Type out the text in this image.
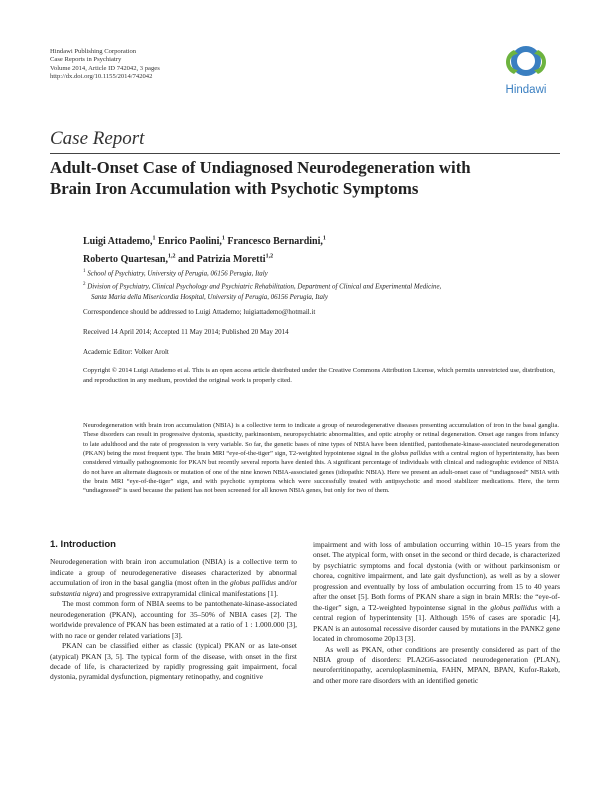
Hindawi Publishing Corporation
Case Reports in Psychiatry
Volume 2014, Article ID 742042, 3 pages
http://dx.doi.org/10.1155/2014/742042
Hindawi
Case Report
Adult-Onset Case of Undiagnosed Neurodegeneration with
Brain Iron Accumulation with Psychotic Symptoms
Luigi Attademo,$^1$ Enrico Paolini,$^1$ Francesco Bernardini,$^1$
Roberto Quartesan,$^{1,2}$ and Patrizia Moretti$^{1,2}$
$^1$ School of Psychiatry, University of Perugia, 06156 Perugia, Italy
$^2$ Division of Psychiatry, Clinical Psychology and Psychiatric Rehabilitation, Department of Clinical and Experimental Medicine,
Santa Maria della Misericordia Hospital, University of Perugia, 06156 Perugia, Italy
Correspondence should be addressed to Luigi Attademo; luigiattademo@hotmail.it
Received 14 April 2014; Accepted 11 May 2014; Published 20 May 2014
Academic Editor: Volker Arolt
Copyright © 2014 Luigi Attademo et al. This is an open access article distributed under the Creative Commons Attribution License, which permits unrestricted use, distribution, and reproduction in any medium, provided the original work is properly cited.
Neurodegeneration with brain iron accumulation (NBIA) is a collective term to indicate a group of neurodegenerative diseases presenting accumulation of iron in the basal ganglia. These disorders can result in progressive dystonia, spasticity, parkinsonism, neuropsychiatric abnormalities, and optic atrophy or retinal degeneration. Onset age ranges from infancy to late adulthood and the rate of progression is very variable. So far, the genetic bases of nine types of NBIA have been identified, pantothenate-kinase-associated neurodegeneration (PKAN) being the most frequent type. The brain MRI “eye-of-the-tiger” sign, T2-weighted hypointense signal in the globus pallidus with a central region of hyperintensity, has been considered virtually pathognomonic for PKAN but recently several reports have denied this. A significant percentage of individuals with clinical and radiographic evidence of NBIA do not have an alternate diagnosis or mutation of one of the nine known NBIA-associated genes (idiopathic NBIA). Here we present an adult-onset case of “undiagnosed” NBIA with the brain MRI “eye-of-the-tiger” sign, and with psychotic symptoms which were successfully treated with antipsychotic and mood stabilizer medications. Here, the term “undiagnosed” is used because the patient has not been screened for all known NBIA genes, but only for two of them.
1. Introduction

Neurodegeneration with brain iron accumulation (NBIA) is a collective term to indicate a group of neurodegenerative diseases characterized by abnormal accumulation of iron in the basal ganglia (most often in the globus pallidus and/or substantia nigra) and progressive extrapyramidal clinical manifestations [1].

The most common form of NBIA seems to be pantothenate-kinase-associated neurodegeneration (PKAN), accounting for 35–50% of NBIA cases [2]. The worldwide prevalence of PKAN has been estimated at a ratio of 1 : 1.000.000 [3], with no race or gender related variations [3].

PKAN can be classified either as classic (typical) PKAN or as late-onset (atypical) PKAN [3, 5]. The typical form of the disease, with onset in the first decade of life, is characterized by rapidly progressing gait impairment, focal dystonia, pyramidal dysfunction, pigmentary retinopathy, and cognitive

impairment and with loss of ambulation occurring within 10–15 years from the onset. The atypical form, with onset in the second or third decade, is characterized by psychiatric symptoms and focal dystonia (with or without parkinsonism or chorea, cognitive impairment, and late gait dysfunction), as well as by a slower progression and eventually by loss of ambulation occurring from 15 to 40 years after the onset [5]. Both forms of PKAN share a sign in brain MRIs: the “eye-of-the-tiger” sign, a T2-weighted hypointense signal in the globus pallidus with a central region of hyperintensity [1]. Although 15% of cases are sporadic [4], PKAN is an autosomal recessive disorder caused by mutations in the PANK2 gene located in chromosome 20p13 [3].

As well as PKAN, other conditions are presently considered as part of the NBIA group of disorders: PLA2G6-associated neurodegeneration (PLAN), neuroferritinopathy, aceruloplasminemia, FAHN, MPAN, BPAN, Kufor-Rakeb, and other more rare disorders with an identified genetic
